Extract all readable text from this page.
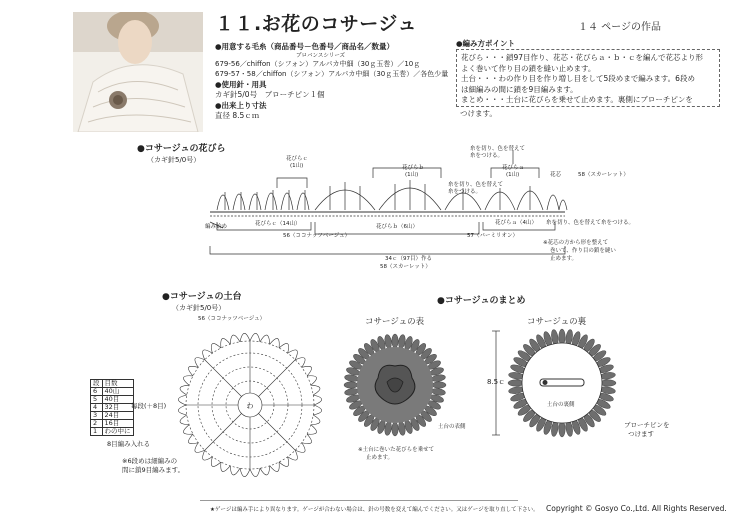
１１.お花のコサージュ	１４ ページの作品
●用意する毛糸（商品番号－色番号／商品名／数量）
プロバンスシリーズ
679-56／chiffon（シフォン）アルパカ中細（30ｇ玉巻）／10ｇ
679-57・58／chiffon（シフォン）アルパカ中細（30ｇ玉巻）／各色少量
●使用針・用具
カギ針5/0号　ブローチピン１個
●出来上り寸法
直径 8.5ｃｍ
●編み方ポイント
花びら・・・鎖97目作り、花芯・花びらａ・ｂ・ｃを編んで花芯より形
よく巻いて作り目の鎖を縫い止めます。
土台・・・わの作り目を作り増し目をして5段めまで編みます。6段め
は細編みの間に鎖を9目編みます。
まとめ・・・土台に花びらを乗せて止めます。裏側にブローチピンを
つけます。
●コサージュの花びら
（カギ針5/0号）	花びらｃ
(1山)	花びらｂ
(1山)
花びらａ
(1山)	花芯	58（スカーレット）
糸を切り、色を替えて
糸をつける。
糸を切り、色を替えて
糸をつける。
編み始め	花びらｃ（14山）	花びらｂ（6山）
花びらａ（4山） 糸を切り、色を替えて糸をつける。
56（ココナッツベージュ）	57（バーミリオン）
34ｃ（97目）作る
58（スカーレット）
※花芯の方から形を整えて
巻いて、作り目の鎖を縫い
止めます。
●コサージュの土台
（カギ針5/0号）
56（ココナッツベージュ）
わ
段	目数
6	40山
5	40目
4	32目
3	24目
2	16目
1	わの中に
8目編み入れる
毎段(＋8目)
※6段めは細編みの
間に鎖9目編みます。
●コサージュのまとめ
コサージュの表	コサージュの裏
土台の表側
※土台に巻いた花びらを乗せて
止めます。
8.5ｃ
土台の裏側
ブローチピンを
つけます
★ゲージは編み手により異なります。ゲージが合わない場合は、針の号数を変えて編んでください。又はゲージを取り直して下さい。 Copyright © Gosyo Co.,Ltd. All Rights Reserved.
